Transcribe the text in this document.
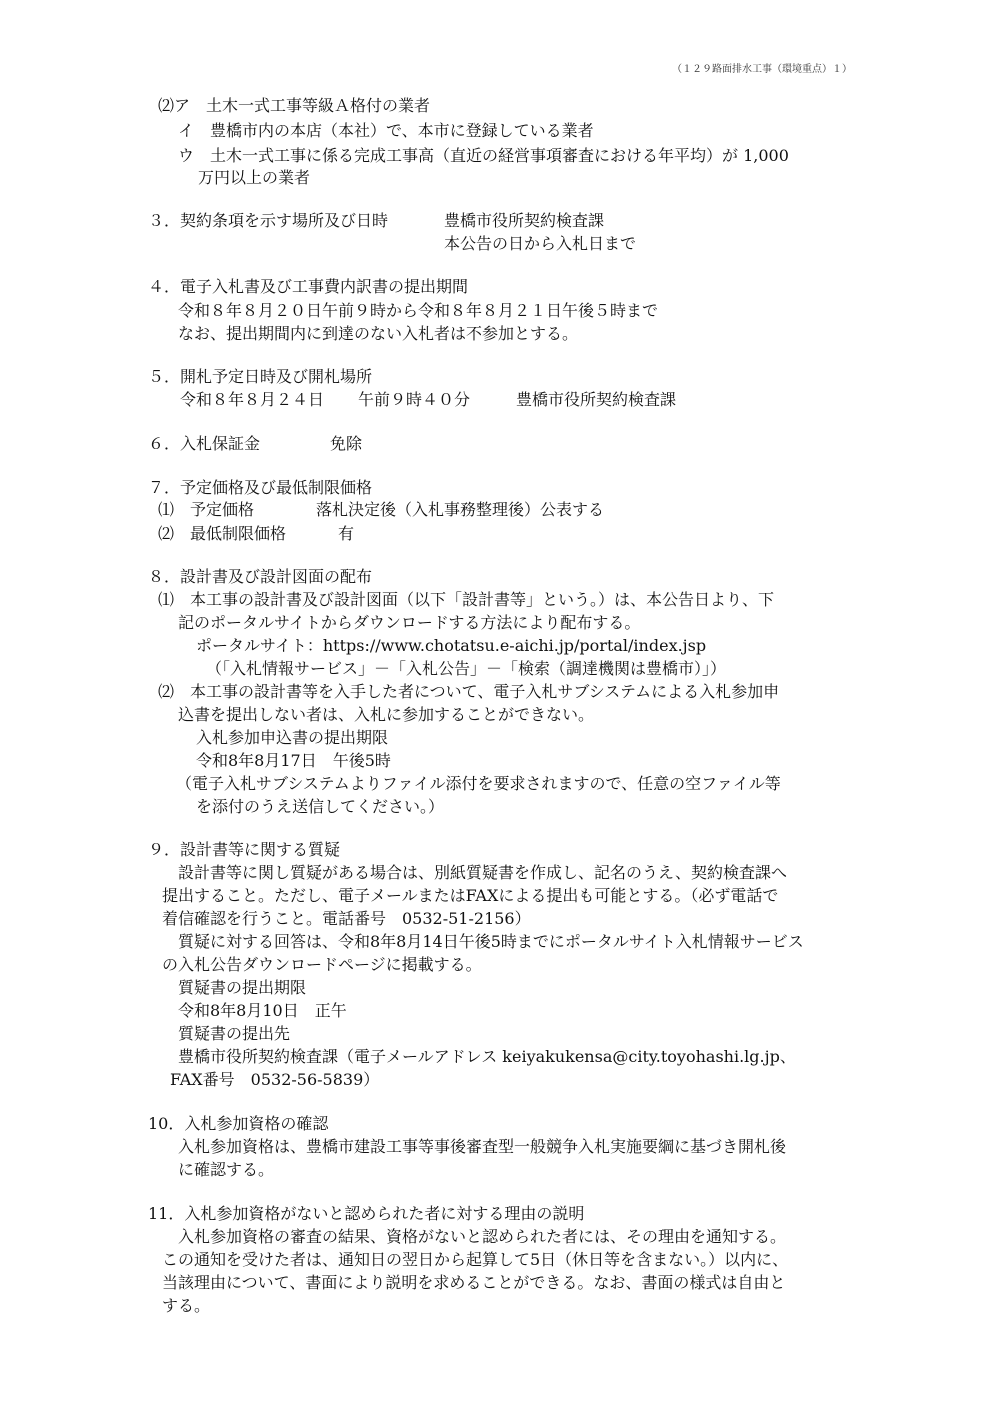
（１２９路面排水工事（環境重点）１）
⑵ア　土木一式工事等級Ａ格付の業者
イ　豊橋市内の本店（本社）で、本市に登録している業者
ウ　土木一式工事に係る完成工事高（直近の経営事項審査における年平均）が 1,000
万円以上の業者
３．契約条項を示す場所及び日時	豊橋市役所契約検査課
本公告の日から入札日まで
４．電子入札書及び工事費内訳書の提出期間
令和８年８月２０日午前９時から令和８年８月２１日午後５時まで
なお、提出期間内に到達のない入札者は不参加とする。
５．開札予定日時及び開札場所
令和８年８月２４日 午前９時４０分	豊橋市役所契約検査課
６．入札保証金	免除
７．予定価格及び最低制限価格
⑴　予定価格	落札決定後（入札事務整理後）公表する
⑵　最低制限価格	有
８．設計書及び設計図面の配布
⑴　本工事の設計書及び設計図面（以下「設計書等」という。）は、本公告日より、下
記のポータルサイトからダウンロードする方法により配布する。
ポータルサイト：https://www.chotatsu.e-aichi.jp/portal/index.jsp
（「入札情報サービス」－「入札公告」－「検索（調達機関は豊橋市）」）
⑵　本工事の設計書等を入手した者について、電子入札サブシステムによる入札参加申
込書を提出しない者は、入札に参加することができない。
入札参加申込書の提出期限
令和8年8月17日　午後5時
（電子入札サブシステムよりファイル添付を要求されますので、任意の空ファイル等
を添付のうえ送信してください。）
９．設計書等に関する質疑
設計書等に関し質疑がある場合は、別紙質疑書を作成し、記名のうえ、契約検査課へ
提出すること。ただし、電子メールまたはFAXによる提出も可能とする。（必ず電話で
着信確認を行うこと。電話番号　0532-51-2156）
質疑に対する回答は、令和8年8月14日午後5時までにポータルサイト入札情報サービス
の入札公告ダウンロードページに掲載する。
質疑書の提出期限
令和8年8月10日　正午
質疑書の提出先
豊橋市役所契約検査課（電子メールアドレス keiyakukensa@city.toyohashi.lg.jp、
FAX番号　0532-56-5839）
10．入札参加資格の確認
入札参加資格は、豊橋市建設工事等事後審査型一般競争入札実施要綱に基づき開札後
に確認する。
11．入札参加資格がないと認められた者に対する理由の説明
入札参加資格の審査の結果、資格がないと認められた者には、その理由を通知する。
この通知を受けた者は、通知日の翌日から起算して5日（休日等を含まない。）以内に、
当該理由について、書面により説明を求めることができる。なお、書面の様式は自由と
する。
